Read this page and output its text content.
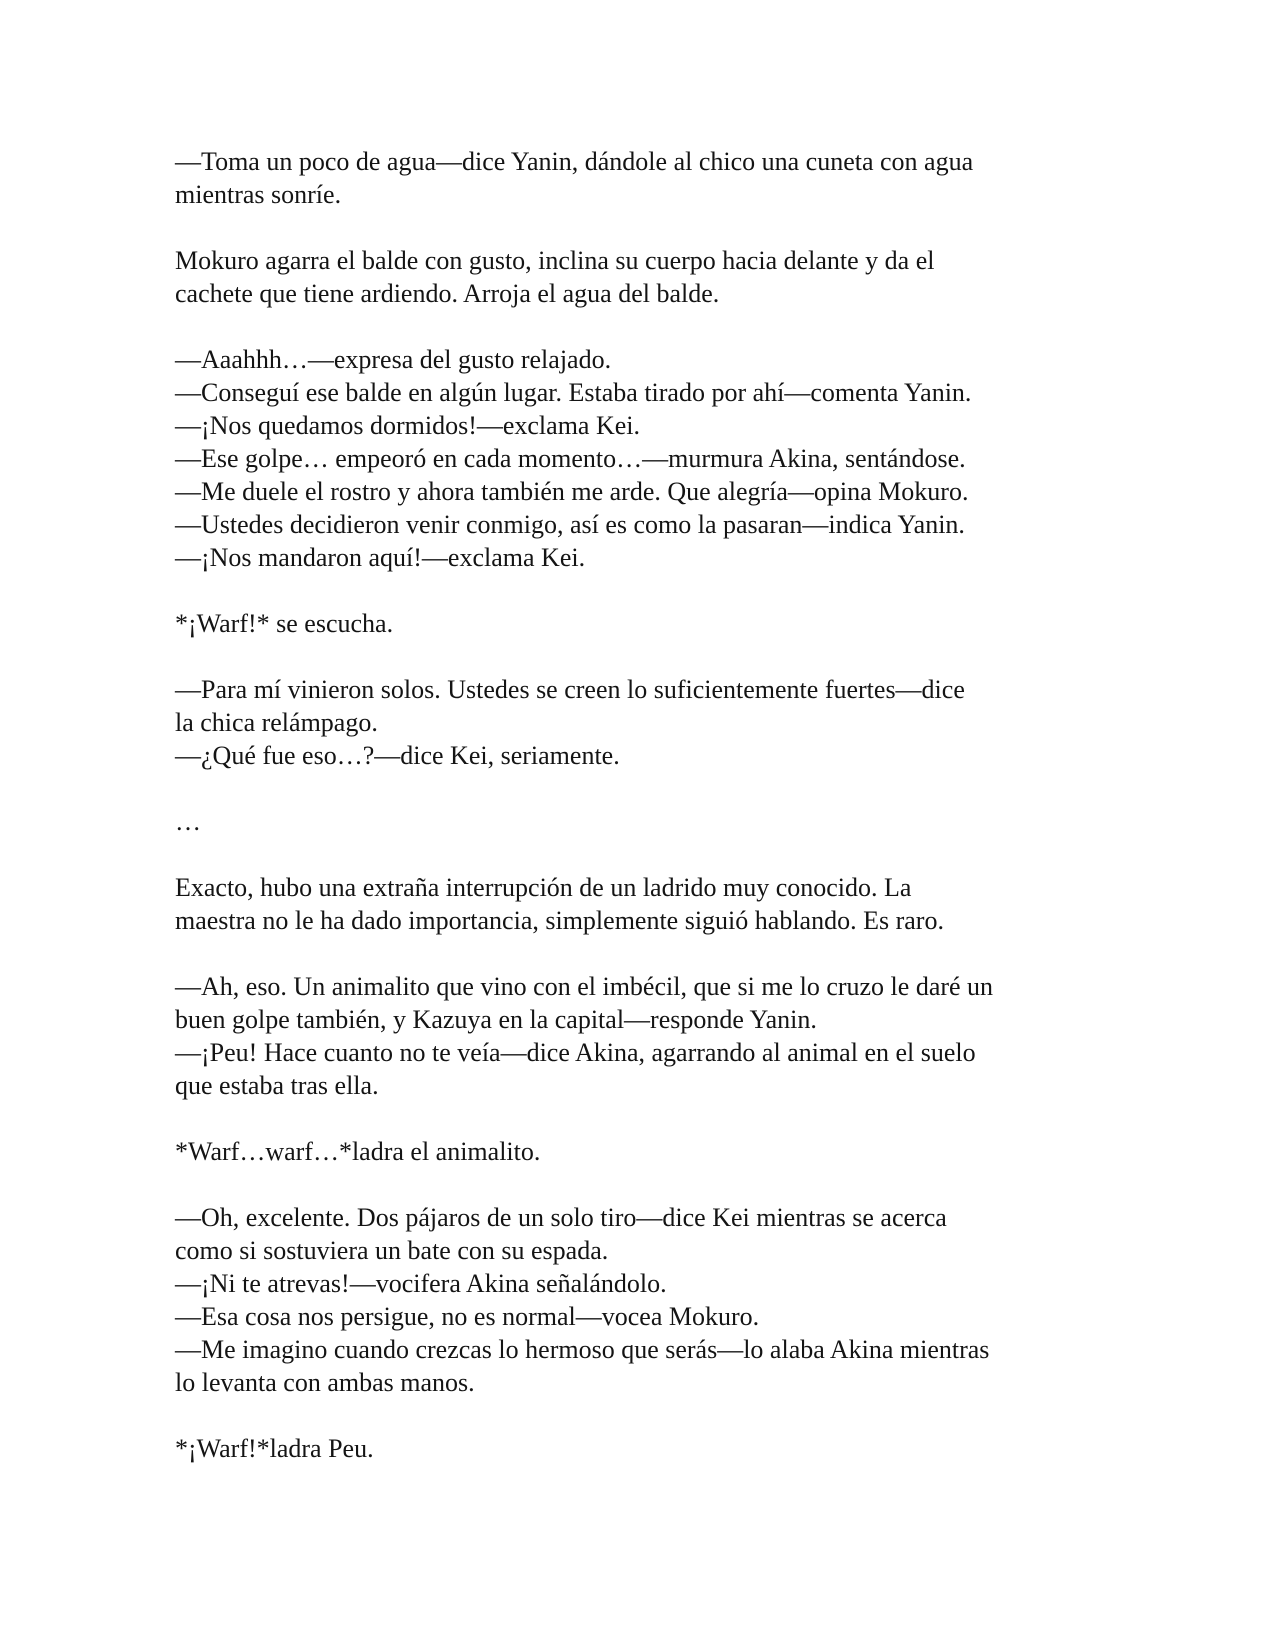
—Toma un poco de agua—dice Yanin, dándole al chico una cuneta con agua
mientras sonríe.
Mokuro agarra el balde con gusto, inclina su cuerpo hacia delante y da el
cachete que tiene ardiendo. Arroja el agua del balde.
—Aaahhh…—expresa del gusto relajado.
—Conseguí ese balde en algún lugar. Estaba tirado por ahí—comenta Yanin.
—¡Nos quedamos dormidos!—exclama Kei.
—Ese golpe… empeoró en cada momento…—murmura Akina, sentándose.
—Me duele el rostro y ahora también me arde. Que alegría—opina Mokuro.
—Ustedes decidieron venir conmigo, así es como la pasaran—indica Yanin.
—¡Nos mandaron aquí!—exclama Kei.
*¡Warf!* se escucha.
—Para mí vinieron solos. Ustedes se creen lo suficientemente fuertes—dice
la chica relámpago.
—¿Qué fue eso…?—dice Kei, seriamente.
…
Exacto, hubo una extraña interrupción de un ladrido muy conocido. La
maestra no le ha dado importancia, simplemente siguió hablando. Es raro.
—Ah, eso. Un animalito que vino con el imbécil, que si me lo cruzo le daré un
buen golpe también, y Kazuya en la capital—responde Yanin.
—¡Peu! Hace cuanto no te veía—dice Akina, agarrando al animal en el suelo
que estaba tras ella.
*Warf…warf…*ladra el animalito.
—Oh, excelente. Dos pájaros de un solo tiro—dice Kei mientras se acerca
como si sostuviera un bate con su espada.
—¡Ni te atrevas!—vocifera Akina señalándolo.
—Esa cosa nos persigue, no es normal—vocea Mokuro.
—Me imagino cuando crezcas lo hermoso que serás—lo alaba Akina mientras
lo levanta con ambas manos.
*¡Warf!*ladra Peu.
